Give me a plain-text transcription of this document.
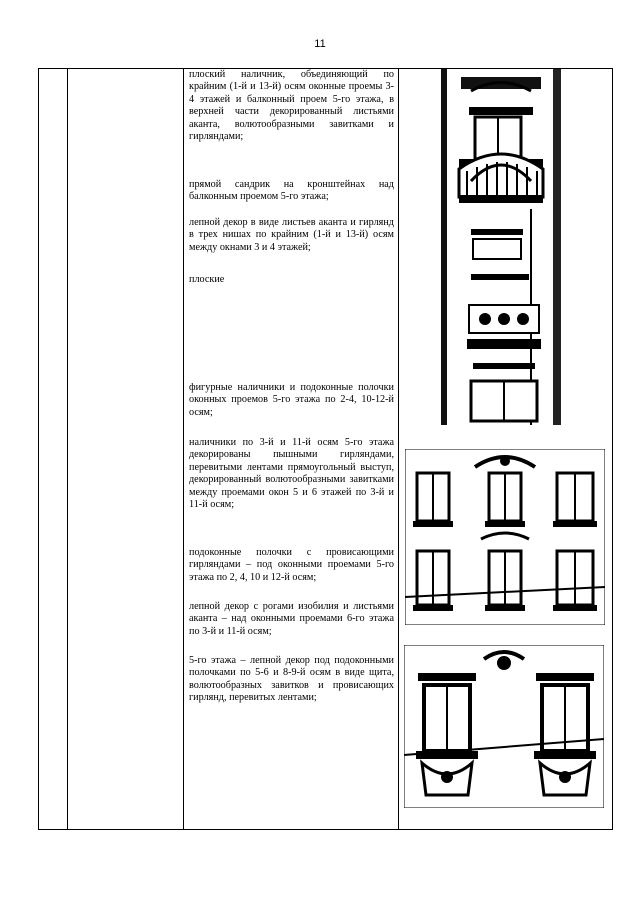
11

плоский наличник, объединяющий по крайним (1-й и 13-й) осям оконные проемы 3-4 этажей и балконный проем 5-го этажа, в верхней части декорированный листьями аканта, волютообразными завитками и гирляндами;

прямой сандрик на кронштейнах над балконным проемом 5-го этажа;

лепной декор в виде листьев аканта и гирлянд в трех нишах по крайним (1-й и 13-й) осям между окнами 3 и 4 этажей;

плоские

фигурные наличники и подоконные полочки оконных проемов 5-го этажа по 2-4, 10-12-й осям;

наличники по 3-й и 11-й осям 5-го этажа декорированы пышными гирляндами, перевитыми лентами прямоугольный выступ, декорированный волютообразными завитками между проемами окон 5 и 6 этажей по 3-й и 11-й осям;

подоконные полочки с провисающими гирляндами – под оконными проемами 5-го этажа по 2, 4, 10 и 12-й осям;

лепной декор с рогами изобилия и листьями аканта – над оконными проемами 6-го этажа по 3-й и 11-й осям;

5-го этажа – лепной декор под подоконными полочками по 5-6 и 8-9-й осям в виде щита, волютообразных завитков и провисающих гирлянд, перевитых лентами;
